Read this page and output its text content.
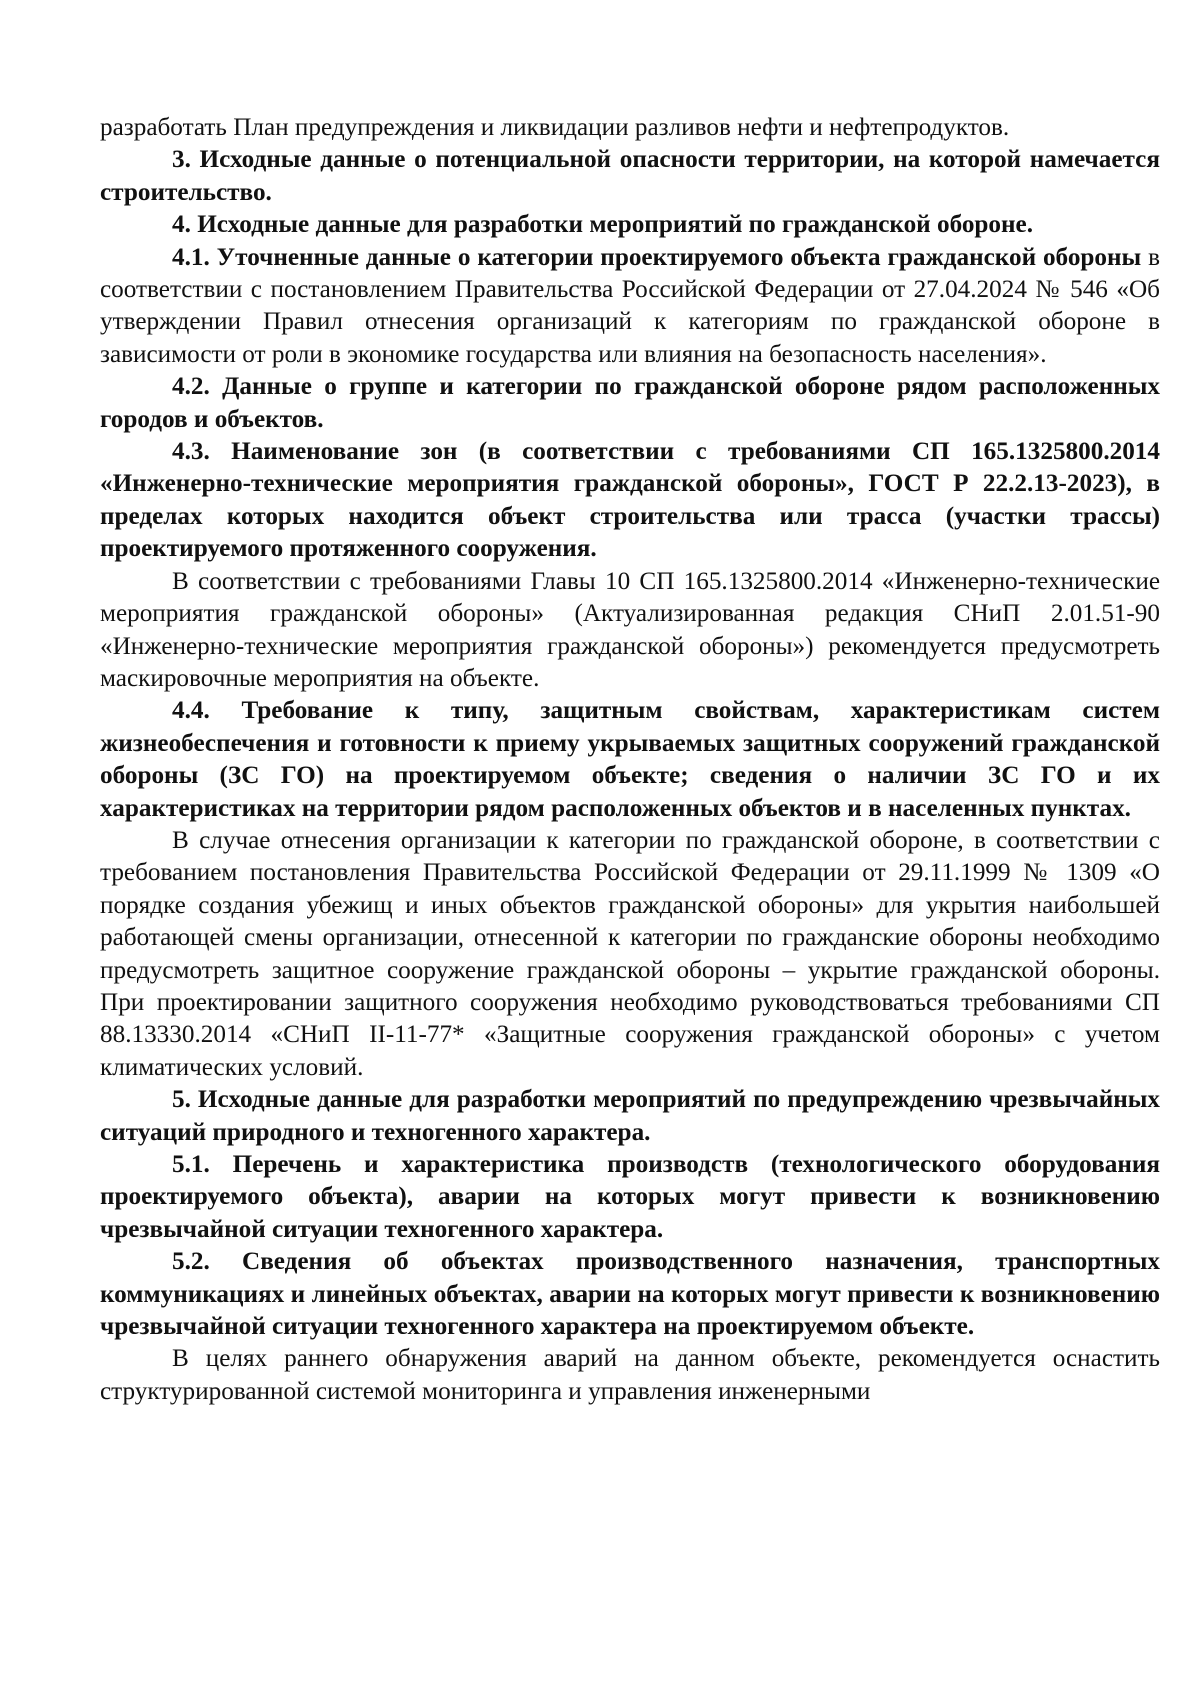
разработать План предупреждения и ликвидации разливов нефти и нефтепродуктов.

3. Исходные данные о потенциальной опасности территории, на которой намечается строительство.

4. Исходные данные для разработки мероприятий по гражданской обороне.

4.1. Уточненные данные о категории проектируемого объекта гражданской обороны в соответствии с постановлением Правительства Российской Федерации от 27.04.2024 № 546 «Об утверждении Правил отнесения организаций к категориям по гражданской обороне в зависимости от роли в экономике государства или влияния на безопасность населения».

4.2. Данные о группе и категории по гражданской обороне рядом расположенных городов и объектов.

4.3. Наименование зон (в соответствии с требованиями СП 165.1325800.2014 «Инженерно-технические мероприятия гражданской обороны», ГОСТ Р 22.2.13-2023), в пределах которых находится объект строительства или трасса (участки трассы) проектируемого протяженного сооружения.

В соответствии с требованиями Главы 10 СП 165.1325800.2014 «Инженерно-технические мероприятия гражданской обороны» (Актуализированная редакция СНиП 2.01.51-90 «Инженерно-технические мероприятия гражданской обороны») рекомендуется предусмотреть маскировочные мероприятия на объекте.

4.4. Требование к типу, защитным свойствам, характеристикам систем жизнеобеспечения и готовности к приему укрываемых защитных сооружений гражданской обороны (ЗС ГО) на проектируемом объекте; сведения о наличии ЗС ГО и их характеристиках на территории рядом расположенных объектов и в населенных пунктах.

В случае отнесения организации к категории по гражданской обороне, в соответствии с требованием постановления Правительства Российской Федерации от 29.11.1999 № 1309 «О порядке создания убежищ и иных объектов гражданской обороны» для укрытия наибольшей работающей смены организации, отнесенной к категории по гражданские обороны необходимо предусмотреть защитное сооружение гражданской обороны – укрытие гражданской обороны. При проектировании защитного сооружения необходимо руководствоваться требованиями СП 88.13330.2014 «СНиП II-11-77* «Защитные сооружения гражданской обороны» с учетом климатических условий.

5. Исходные данные для разработки мероприятий по предупреждению чрезвычайных ситуаций природного и техногенного характера.

5.1. Перечень и характеристика производств (технологического оборудования проектируемого объекта), аварии на которых могут привести к возникновению чрезвычайной ситуации техногенного характера.

5.2. Сведения об объектах производственного назначения, транспортных коммуникациях и линейных объектах, аварии на которых могут привести к возникновению чрезвычайной ситуации техногенного характера на проектируемом объекте.

В целях раннего обнаружения аварий на данном объекте, рекомендуется оснастить структурированной системой мониторинга и управления инженерными
